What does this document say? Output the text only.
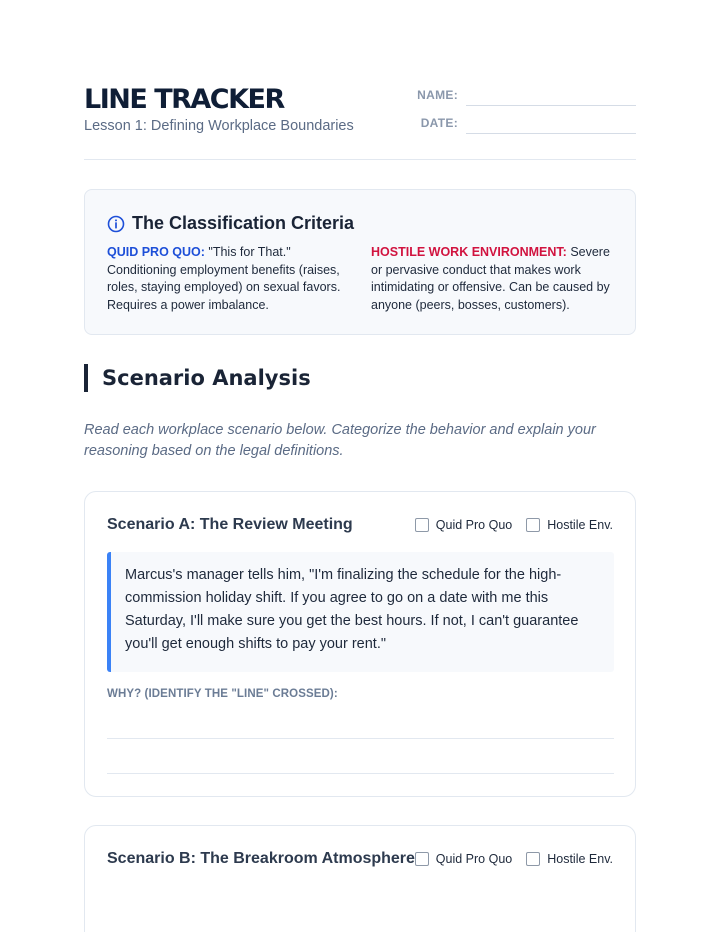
LINE TRACKER
Lesson 1: Defining Workplace Boundaries
NAME:
DATE:
The Classification Criteria
QUID PRO QUO: "This for That." Conditioning employment benefits (raises, roles, staying employed) on sexual favors. Requires a power imbalance.
HOSTILE WORK ENVIRONMENT: Severe or pervasive conduct that makes work intimidating or offensive. Can be caused by anyone (peers, bosses, customers).
Scenario Analysis
Read each workplace scenario below. Categorize the behavior and explain your reasoning based on the legal definitions.
Scenario A: The Review Meeting	Quid Pro Quo	Hostile Env.
Marcus's manager tells him, "I'm finalizing the schedule for the high-commission holiday shift. If you agree to go on a date with me this Saturday, I'll make sure you get the best hours. If not, I can't guarantee you'll get enough shifts to pay your rent."
WHY? (IDENTIFY THE "LINE" CROSSED):
Scenario B: The Breakroom Atmosphere Quid Pro Quo	Hostile Env.
